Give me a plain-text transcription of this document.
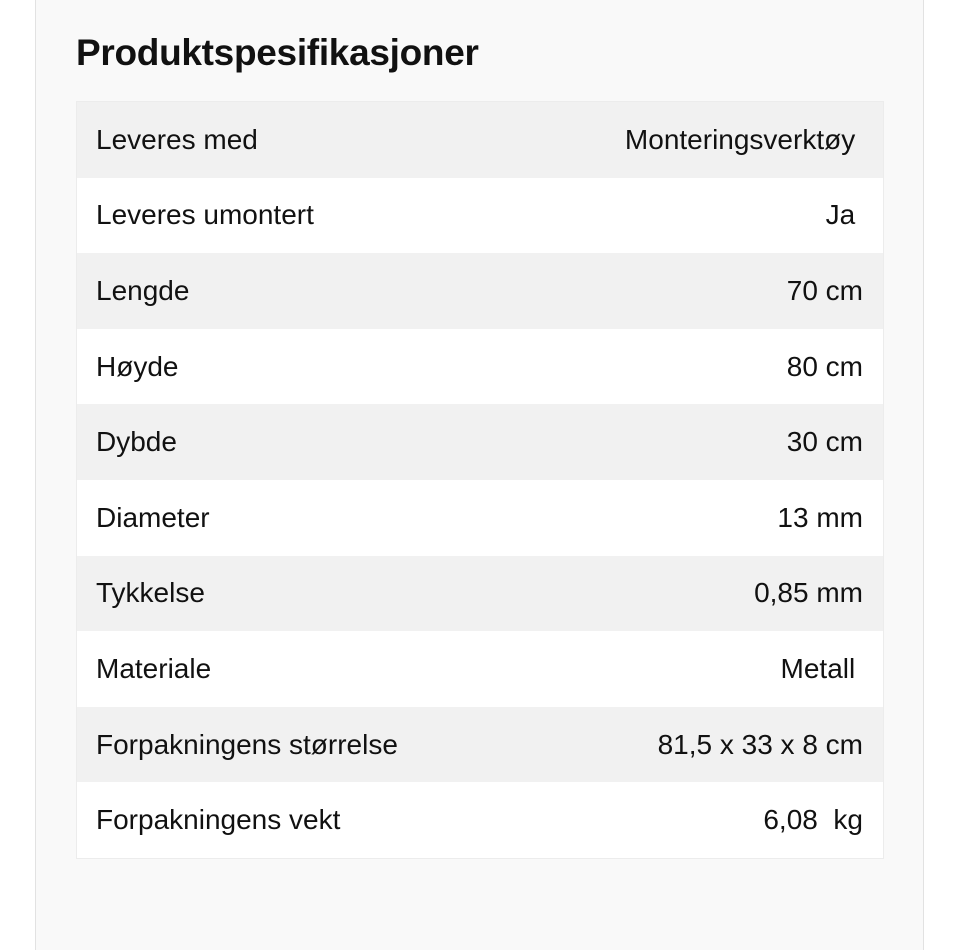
Produktspesifikasjoner
Leveres med	Monteringsverktøy
Leveres umontert	Ja
Lengde	70 cm
Høyde	80 cm
Dybde	30 cm
Diameter	13 mm
Tykkelse	0,85 mm
Materiale	Metall
Forpakningens størrelse	81,5 x 33 x 8 cm
Forpakningens vekt	6,08  kg
